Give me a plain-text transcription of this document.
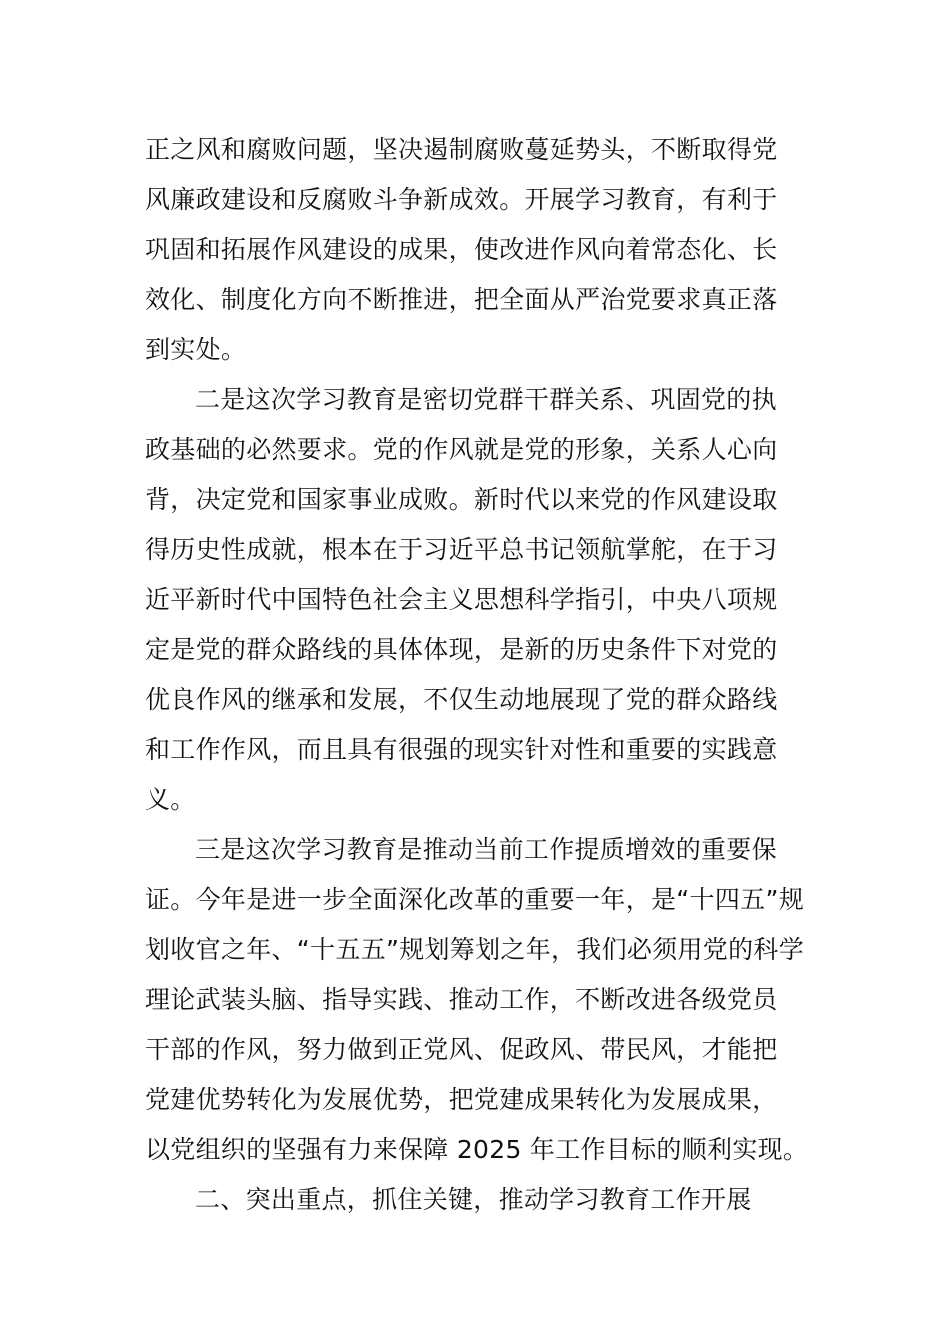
正之风和腐败问题，坚决遏制腐败蔓延势头，不断取得党
风廉政建设和反腐败斗争新成效。开展学习教育，有利于
巩固和拓展作风建设的成果，使改进作风向着常态化、长
效化、制度化方向不断推进，把全面从严治党要求真正落
到实处。
二是这次学习教育是密切党群干群关系、巩固党的执
政基础的必然要求。党的作风就是党的形象，关系人心向
背，决定党和国家事业成败。新时代以来党的作风建设取
得历史性成就，根本在于习近平总书记领航掌舵，在于习
近平新时代中国特色社会主义思想科学指引，中央八项规
定是党的群众路线的具体体现，是新的历史条件下对党的
优良作风的继承和发展，不仅生动地展现了党的群众路线
和工作作风，而且具有很强的现实针对性和重要的实践意
义。
三是这次学习教育是推动当前工作提质增效的重要保
证。今年是进一步全面深化改革的重要一年，是“十四五”规
划收官之年、“十五五”规划筹划之年，我们必须用党的科学
理论武装头脑、指导实践、推动工作，不断改进各级党员
干部的作风，努力做到正党风、促政风、带民风，才能把
党建优势转化为发展优势，把党建成果转化为发展成果，
以党组织的坚强有力来保障 2025 年工作目标的顺利实现。
二、突出重点，抓住关键，推动学习教育工作开展
